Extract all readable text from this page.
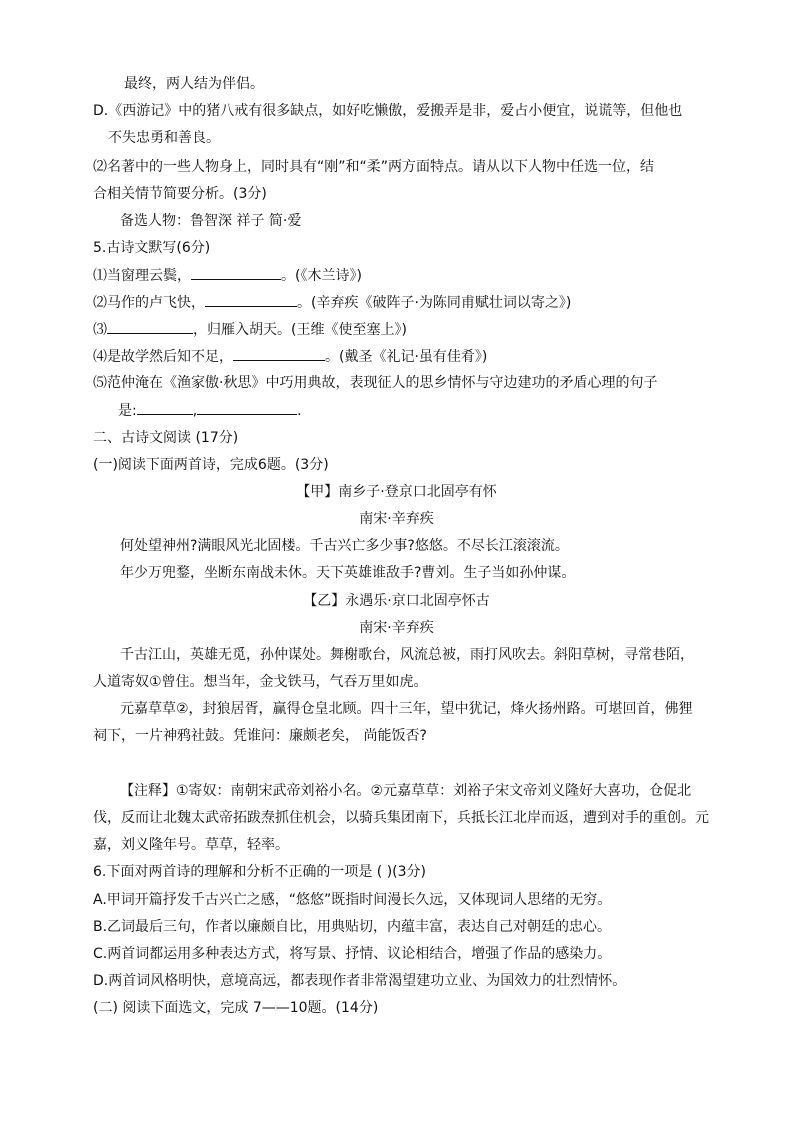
最终，两人结为伴侣。
D.《西游记》中的猪八戒有很多缺点，如好吃懒傲，爱搬弄是非，爱占小便宜，说谎等，但他也
不失忠勇和善良。
⑵名著中的一些人物身上，同时具有“刚”和“柔”两方面特点。请从以下人物中任选一位，结
合相关情节简要分析。(3分)
备选人物：鲁智深 祥子 简·爱
5.古诗文默写(6分)
⑴当窗理云鬓，	。(《木兰诗》)
⑵马作的卢飞快，	。(辛弃疾《破阵子·为陈同甫赋壮词以寄之》)
⑶	，归雁入胡天。(王维《使至塞上》)
⑷是故学然后知不足，	。(戴圣《礼记·虽有佳肴》)
⑸范仲淹在《渔家傲·秋思》中巧用典故，表现征人的思乡情怀与守边建功的矛盾心理的句子
是:	,	.
二、古诗文阅读 (17分)
(一)阅读下面两首诗，完成6题。(3分)
【甲】南乡子·登京口北固亭有怀
南宋·辛弃疾
何处望神州?满眼风光北固楼。千古兴亡多少事?悠悠。不尽长江滚滚流。
年少万兜鍪，坐断东南战未休。天下英雄谁敌手?曹刘。生子当如孙仲谋。
【乙】永遇乐·京口北固亭怀古
南宋·辛弃疾
千古江山，英雄无觅，孙仲谋处。舞榭歌台，风流总被，雨打风吹去。斜阳草树，寻常巷陌，
人道寄奴①曾住。想当年，金戈铁马，气吞万里如虎。
元嘉草草②，封狼居胥，赢得仓皇北顾。四十三年，望中犹记，烽火扬州路。可堪回首，佛狸
祠下，一片神鸦社鼓。凭谁问：廉颇老矣， 尚能饭否?
【注释】①寄奴：南朝宋武帝刘裕小名。②元嘉草草：刘裕子宋文帝刘义隆好大喜功，仓促北
伐，反而让北魏太武帝拓跋焘抓住机会，以骑兵集团南下，兵抵长江北岸而返，遭到对手的重创。元
嘉，刘义隆年号。草草，轻率。
6.下面对两首诗的理解和分析不正确的一项是 ( )(3分)
A.甲词开篇抒发千古兴亡之感，“悠悠”既指时间漫长久远，又体现词人思绪的无穷。
B.乙词最后三句，作者以廉颇自比，用典贴切，内蕴丰富，表达自己对朝廷的忠心。
C.两首词都运用多种表达方式，将写景、抒情、议论相结合，增强了作品的感染力。
D.两首词风格明快，意境高远，都表现作者非常渴望建功立业、为国效力的壮烈情怀。
(二) 阅读下面选文，完成 7——10题。(14分)
